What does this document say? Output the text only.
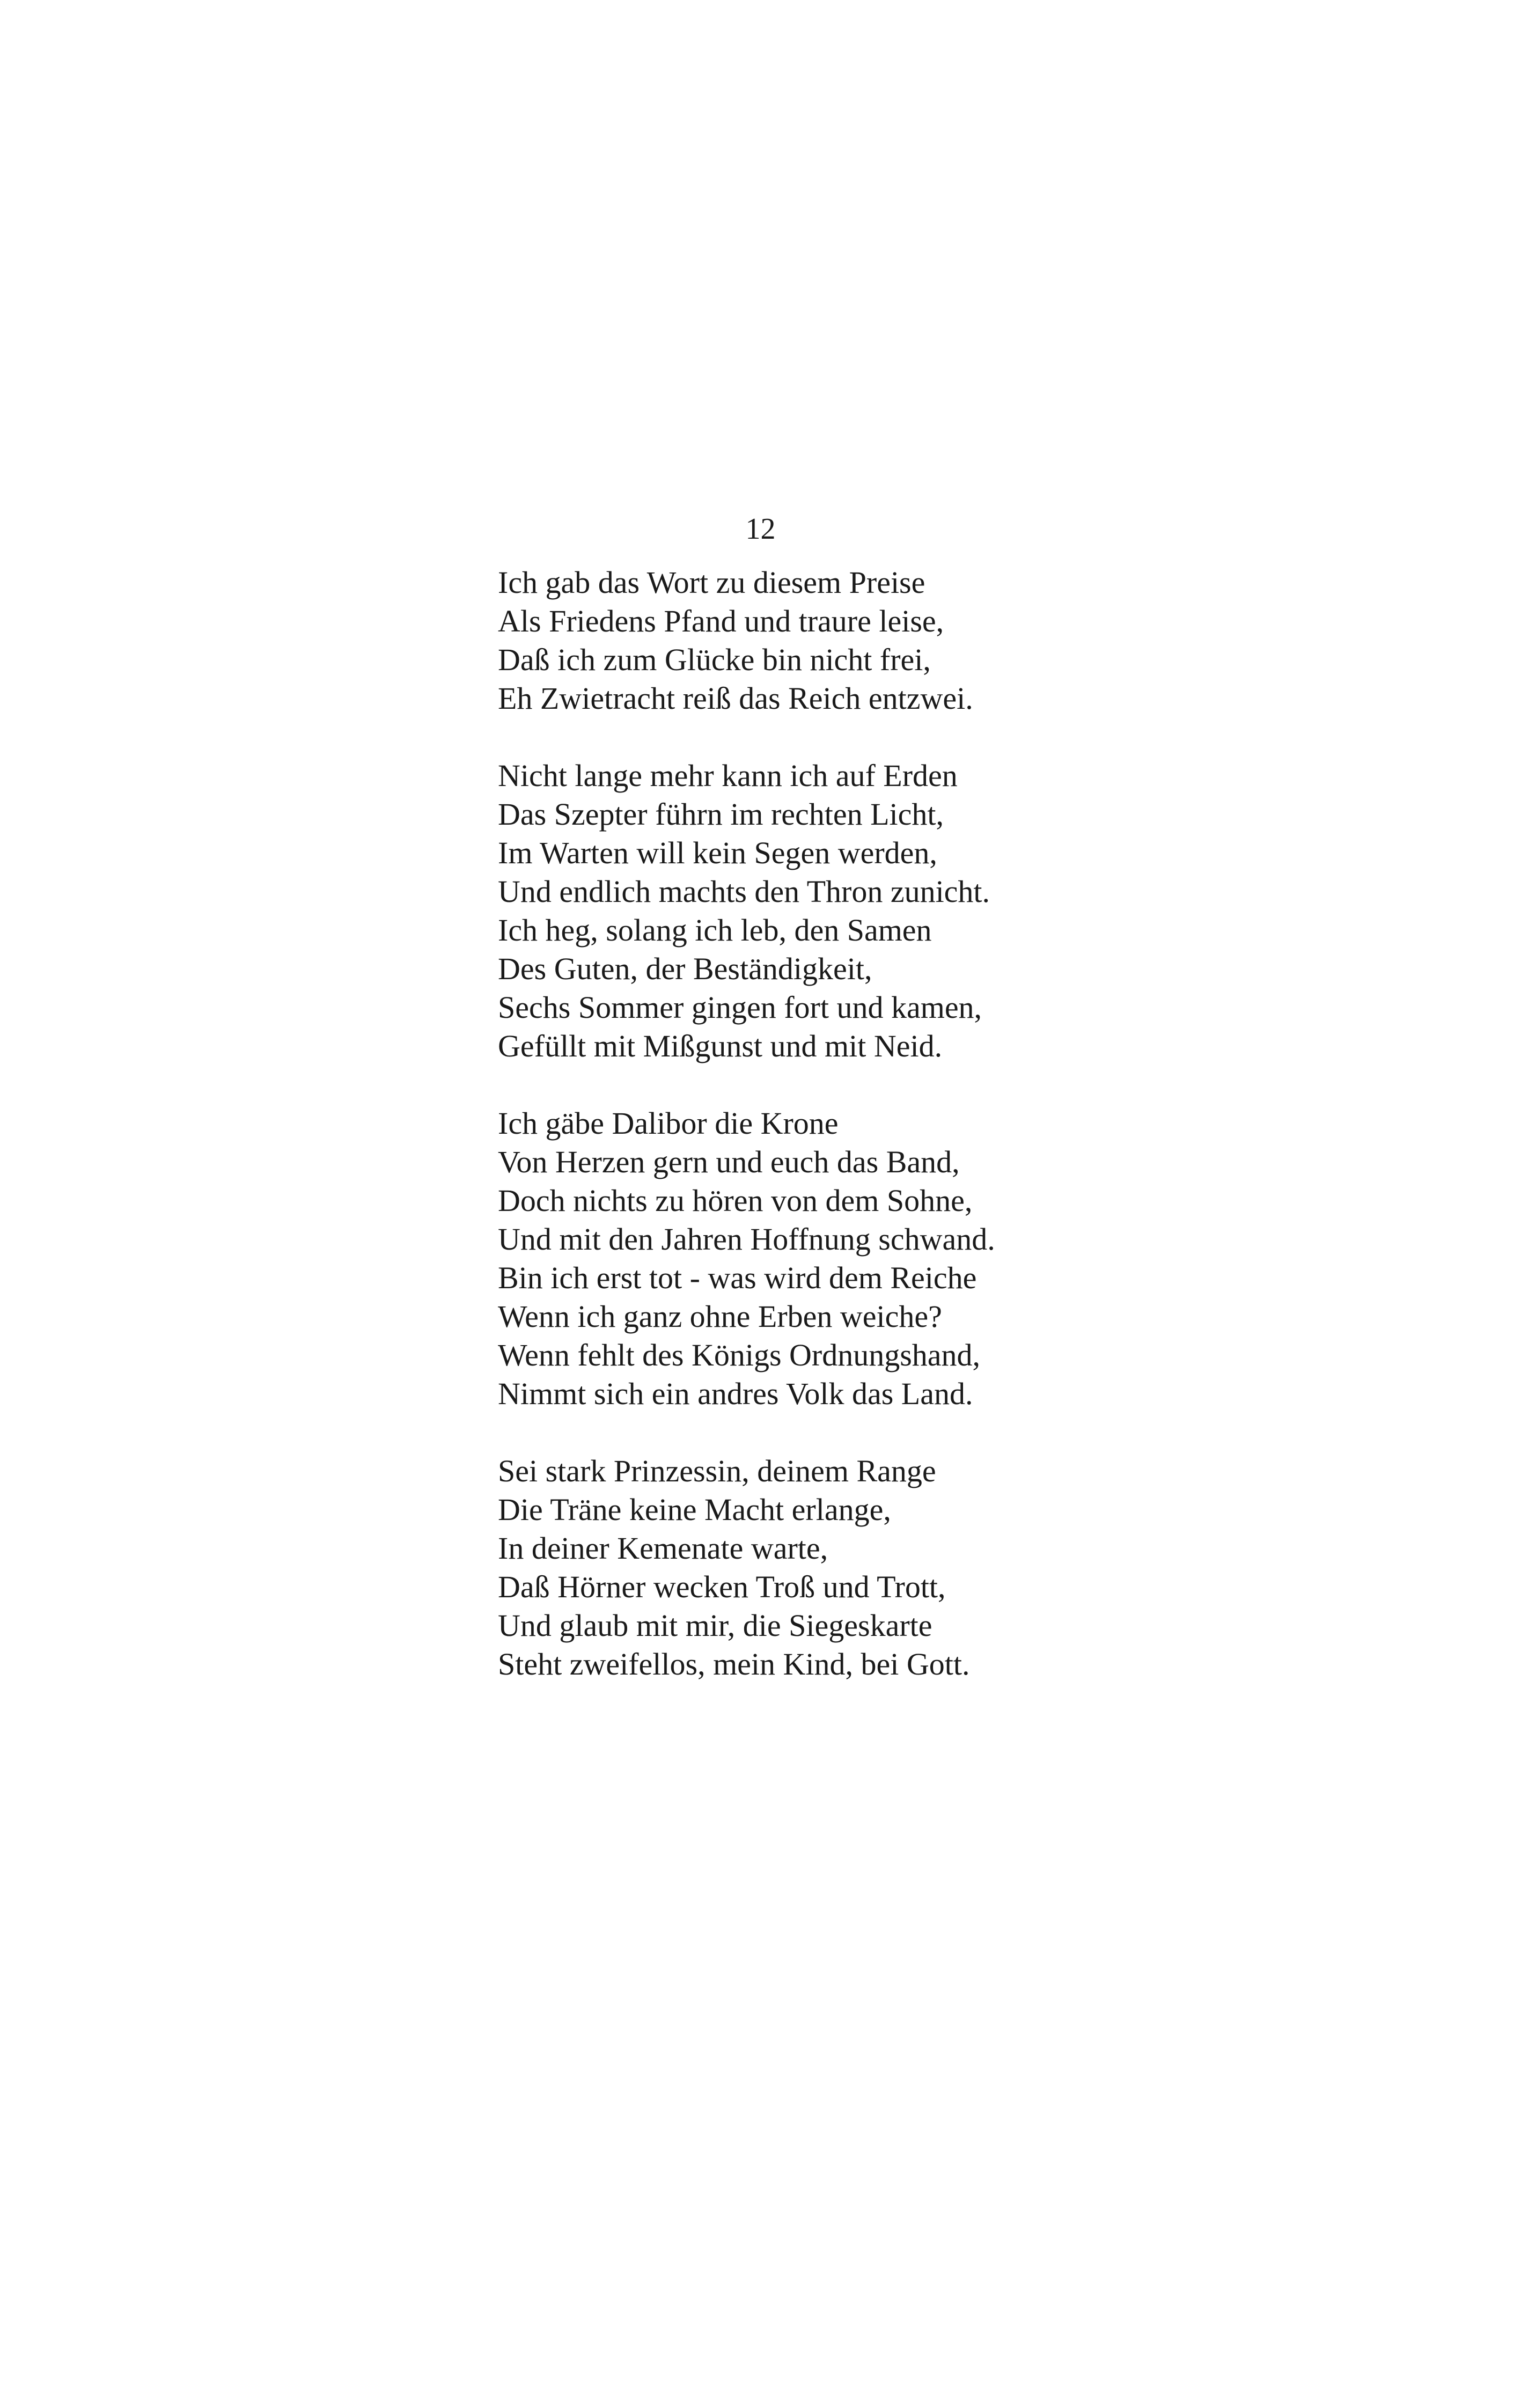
12
Ich gab das Wort zu diesem Preise
Als Friedens Pfand und traure leise,
Daß ich zum Glücke bin nicht frei,
Eh Zwietracht reiß das Reich entzwei.
Nicht lange mehr kann ich auf Erden
Das Szepter führn im rechten Licht,
Im Warten will kein Segen werden,
Und endlich machts den Thron zunicht.
Ich heg, solang ich leb, den Samen
Des Guten, der Beständigkeit,
Sechs Sommer gingen fort und kamen,
Gefüllt mit Mißgunst und mit Neid.
Ich gäbe Dalibor die Krone
Von Herzen gern und euch das Band,
Doch nichts zu hören von dem Sohne,
Und mit den Jahren Hoffnung schwand.
Bin ich erst tot - was wird dem Reiche
Wenn ich ganz ohne Erben weiche?
Wenn fehlt des Königs Ordnungshand,
Nimmt sich ein andres Volk das Land.
Sei stark Prinzessin, deinem Range
Die Träne keine Macht erlange,
In deiner Kemenate warte,
Daß Hörner wecken Troß und Trott,
Und glaub mit mir, die Siegeskarte
Steht zweifellos, mein Kind, bei Gott.
